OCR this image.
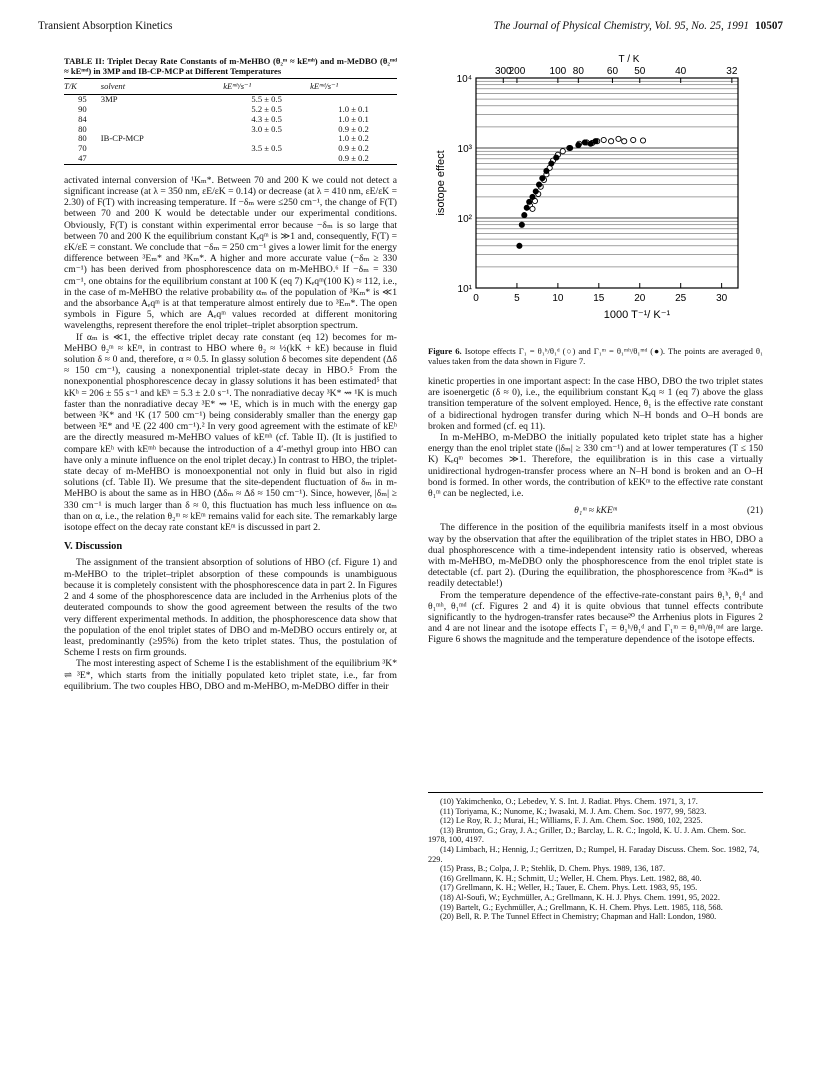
Transient Absorption Kinetics	The Journal of Physical Chemistry, Vol. 95, No. 25, 1991 10507
TABLE II: Triplet Decay Rate Constants of m-MeHBO (θ₂ᵐ ≈ kEᵐʰ) and m-MeDBO (θ₂ᵐᵈ ≈ kEᵐᵈ) in 3MP and IB-CP-MCP at Different Temperatures
T/K	solvent	kEᵐʰ/s⁻¹	kEᵐᵈ/s⁻¹
95	3MP	5.5 ± 0.5	
90		5.2 ± 0.5	1.0 ± 0.1
84		4.3 ± 0.5	1.0 ± 0.1
80		3.0 ± 0.5	0.9 ± 0.2
80	IB-CP-MCP		1.0 ± 0.2
70		3.5 ± 0.5	0.9 ± 0.2
47			0.9 ± 0.2

activated internal conversion of ¹Kₘ*. Between 70 and 200 K we could not detect a significant increase (at λ = 350 nm, εE/εK = 0.14) or decrease (at λ = 410 nm, εE/εK = 2.30) of F(T) with increasing temperature. If −δₘ were ≤250 cm⁻¹, the change of F(T) between 70 and 200 K would be detectable under our experimental conditions. Obviously, F(T) is constant within experimental error because −δₘ is so large that between 70 and 200 K the equilibrium constant Kₑqᵐ is ≫1 and, consequently, F(T) = εK/εE = constant. We conclude that −δₘ = 250 cm⁻¹ gives a lower limit for the energy difference between ³Eₘ* and ³Kₘ*. A higher and more accurate value (−δₘ ≥ 330 cm⁻¹) has been derived from phosphorescence data on m-MeHBO.⁶ If −δₘ = 330 cm⁻¹, one obtains for the equilibrium constant at 100 K (eq 7) Kₑqᵐ(100 K) ≈ 112, i.e., in the case of m-MeHBO the relative probability αₘ of the population of ³Kₘ* is ≪1 and the absorbance Aₑqᵐ is at that temperature almost entirely due to ³Eₘ*. The open symbols in Figure 5, which are Aₑqᵐ values recorded at different monitoring wavelengths, represent therefore the enol triplet–triplet absorption spectrum.

If αₘ is ≪1, the effective triplet decay rate constant (eq 12) becomes for m-MeHBO θ₂ᵐ ≈ kEᵐ, in contrast to HBO where θ₂ ≈ ½(kK + kE) because in fluid solution δ ≈ 0 and, therefore, α ≈ 0.5. In glassy solution δ becomes site dependent (Δδ ≈ 150 cm⁻¹), causing a nonexponential triplet-state decay in HBO.⁵ From the nonexponential phosphorescence decay in glassy solutions it has been estimated⁵ that kKʰ = 206 ± 55 s⁻¹ and kEʰ = 5.3 ± 2.0 s⁻¹. The nonradiative decay ³K* ⇝ ¹K is much faster than the nonradiative decay ³E* ⇝ ¹E, which is in much with the energy gap between ³K* and ¹K (17 500 cm⁻¹) being considerably smaller than the energy gap between ³E* and ¹E (22 400 cm⁻¹).² In very good agreement with the estimate of kEʰ are the directly measured m-MeHBO values of kEᵐʰ (cf. Table II). (It is justified to compare kEʰ with kEᵐʰ because the introduction of a 4′-methyl group into HBO can have only a minute influence on the enol triplet decay.) In contrast to HBO, the triplet-state decay of m-MeHBO is monoexponential not only in fluid but also in rigid solutions (cf. Table II). We presume that the site-dependent fluctuation of δₘ in m-MeHBO is about the same as in HBO (Δδₘ ≈ Δδ ≈ 150 cm⁻¹). Since, however, |δₘ| ≥ 330 cm⁻¹ is much larger than δ ≈ 0, this fluctuation has much less influence on αₘ than on α, i.e., the relation θ₂ᵐ ≈ kEᵐ remains valid for each site. The remarkably large isotope effect on the decay rate constant kEᵐ is discussed in part 2.

V. Discussion

The assignment of the transient absorption of solutions of HBO (cf. Figure 1) and m-MeHBO to the triplet–triplet absorption of these compounds is unambiguous because it is completely consistent with the phosphorescence data in part 2. In Figures 2 and 4 some of the phosphorescence data are included in the Arrhenius plots of the deuterated compounds to show the good agreement between the results of the two very different experimental methods. In addition, the phosphorescence data show that the population of the enol triplet states of DBO and m-MeDBO occurs entirely or, at least, predominantly (≥95%) from the keto triplet states. Thus, the postulation of Scheme I rests on firm grounds.

The most interesting aspect of Scheme I is the establishment of the equilibrium ³K* ⇌ ³E*, which starts from the initially populated keto triplet state, i.e., far from equilibrium. The two couples HBO, DBO and m-MeHBO, m-MeDBO differ in their

0	5	10	15	20	25	30
10¹
10²
10³
10⁴
300
200 100 80 60 50	40	32
T / K
1000 T⁻¹/ K⁻¹
isotope effect
Figure 6. Isotope effects Γ₁ = θ₁ʰ/θ₁ᵈ (○) and Γ₁ᵐ = θ₁ᵐʰ/θ₁ᵐᵈ (●). The points are averaged θ₁ values taken from the data shown in Figure 7.

kinetic properties in one important aspect: In the case HBO, DBO the two triplet states are isoenergetic (δ ≈ 0), i.e., the equilibrium constant Kₑq ≈ 1 (eq 7) above the glass transition temperature of the solvent employed. Hence, θ₁ is the effective rate constant of a bidirectional hydrogen transfer during which N–H bonds and O–H bonds are broken and formed (cf. eq 11).

In m-MeHBO, m-MeDBO the initially populated keto triplet state has a higher energy than the enol triplet state (|δₘ| ≥ 330 cm⁻¹) and at lower temperatures (T ≤ 150 K) Kₑqᵐ becomes ≫1. Therefore, the equilibration is in this case a virtually unidirectional hydrogen-transfer process where an N–H bond is broken and an O–H bond is formed. In other words, the contribution of kEKᵐ to the effective rate constant θ₁ᵐ can be neglected, i.e.

θ₁ᵐ ≈ kKEᵐ	(21)

The difference in the position of the equilibria manifests itself in a most obvious way by the observation that after the equilibration of the triplet states in HBO, DBO a dual phosphorescence with a time-independent intensity ratio is observed, whereas with m-MeHBO, m-MeDBO only the phosphorescence from the enol triplet state is detectable (cf. part 2). (During the equilibration, the phosphorescence from ³Kₘd* is readily detectable!)

From the temperature dependence of the effective-rate-constant pairs θ₁ʰ, θ₁ᵈ and θ₁ᵐʰ, θ₁ᵐᵈ (cf. Figures 2 and 4) it is quite obvious that tunnel effects contribute significantly to the hydrogen-transfer rates because²⁰ the Arrhenius plots in Figures 2 and 4 are not linear and the isotope effects Γ₁ = θ₁ʰ/θ₁ᵈ and Γ₁ᵐ = θ₁ᵐʰ/θ₁ᵐᵈ are large. Figure 6 shows the magnitude and the temperature dependence of the isotope effects.

(10) Yakimchenko, O.; Lebedev, Y. S. Int. J. Radiat. Phys. Chem. 1971, 3, 17.
(11) Toriyama, K.; Nunome, K.; Iwasaki, M. J. Am. Chem. Soc. 1977, 99, 5823.
(12) Le Roy, R. J.; Murai, H.; Williams, F. J. Am. Chem. Soc. 1980, 102, 2325.
(13) Brunton, G.; Gray, J. A.; Griller, D.; Barclay, L. R. C.; Ingold, K. U. J. Am. Chem. Soc. 1978, 100, 4197.
(14) Limbach, H.; Hennig, J.; Gerritzen, D.; Rumpel, H. Faraday Discuss. Chem. Soc. 1982, 74, 229.
(15) Prass, B.; Colpa, J. P.; Stehlik, D. Chem. Phys. 1989, 136, 187.
(16) Grellmann, K. H.; Schmitt, U.; Weller, H. Chem. Phys. Lett. 1982, 88, 40.
(17) Grellmann, K. H.; Weller, H.; Tauer, E. Chem. Phys. Lett. 1983, 95, 195.
(18) Al-Soufi, W.; Eychmüller, A.; Grellmann, K. H. J. Phys. Chem. 1991, 95, 2022.
(19) Bartelt, G.; Eychmüller, A.; Grellmann, K. H. Chem. Phys. Lett. 1985, 118, 568.
(20) Bell, R. P. The Tunnel Effect in Chemistry; Chapman and Hall: London, 1980.
